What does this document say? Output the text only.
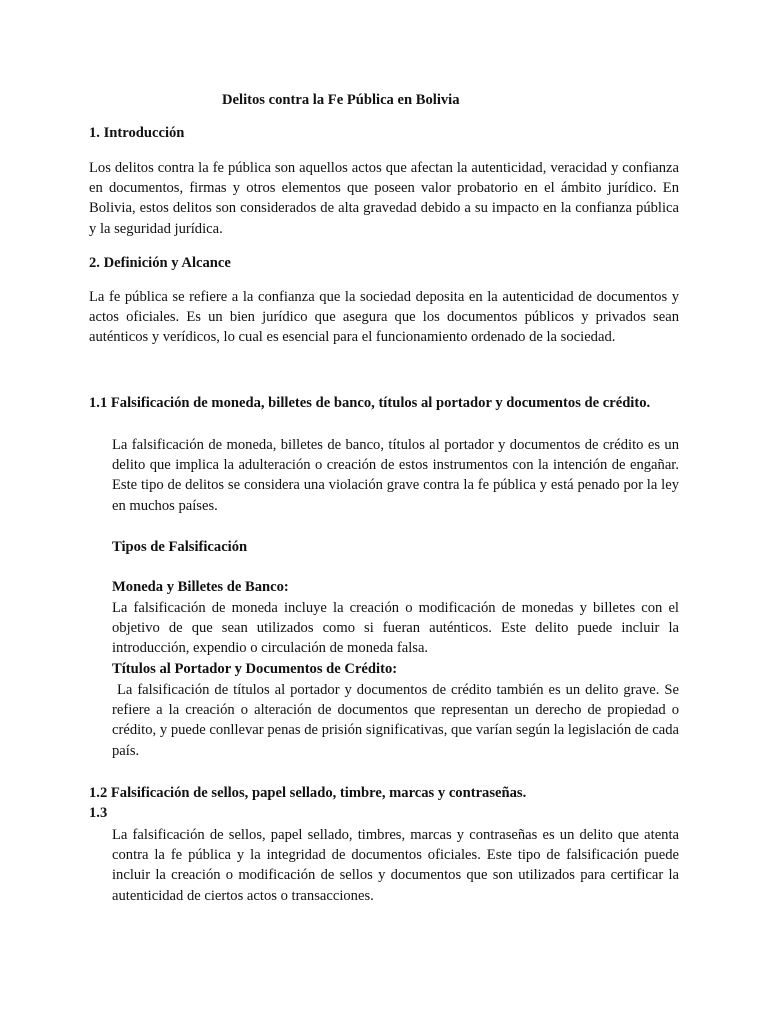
Delitos contra la Fe Pública en Bolivia
1. Introducción

Los delitos contra la fe pública son aquellos actos que afectan la autenticidad, veracidad y confianza en documentos, firmas y otros elementos que poseen valor probatorio en el ámbito jurídico. En Bolivia, estos delitos son considerados de alta gravedad debido a su impacto en la confianza pública y la seguridad jurídica.

2. Definición y Alcance

La fe pública se refiere a la confianza que la sociedad deposita en la autenticidad de documentos y actos oficiales. Es un bien jurídico que asegura que los documentos públicos y privados sean auténticos y verídicos, lo cual es esencial para el funcionamiento ordenado de la sociedad.

1.1 Falsificación de moneda, billetes de banco, títulos al portador y documentos de crédito.

La falsificación de moneda, billetes de banco, títulos al portador y documentos de crédito es un delito que implica la adulteración o creación de estos instrumentos con la intención de engañar. Este tipo de delitos se considera una violación grave contra la fe pública y está penado por la ley en muchos países.

Tipos de Falsificación
Moneda y Billetes de Banco:

La falsificación de moneda incluye la creación o modificación de monedas y billetes con el objetivo de que sean utilizados como si fueran auténticos. Este delito puede incluir la introducción, expendio o circulación de moneda falsa.

Títulos al Portador y Documentos de Crédito:

La falsificación de títulos al portador y documentos de crédito también es un delito grave. Se refiere a la creación o alteración de documentos que representan un derecho de propiedad o crédito, y puede conllevar penas de prisión significativas, que varían según la legislación de cada país.

1.2 Falsificación de sellos, papel sellado, timbre, marcas y contraseñas.
1.3

La falsificación de sellos, papel sellado, timbres, marcas y contraseñas es un delito que atenta contra la fe pública y la integridad de documentos oficiales. Este tipo de falsificación puede incluir la creación o modificación de sellos y documentos que son utilizados para certificar la autenticidad de ciertos actos o transacciones.
